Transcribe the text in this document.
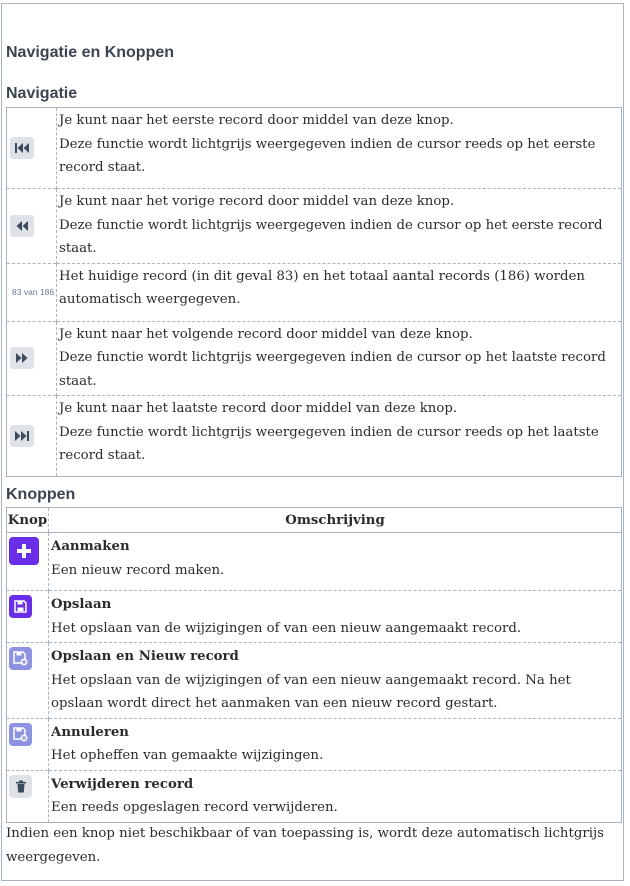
Navigatie en Knoppen
Navigatie

Je kunt naar het eerste record door middel van deze knop.
Deze functie wordt lichtgrijs weergegeven indien de cursor reeds op het eerste record staat.

Je kunt naar het vorige record door middel van deze knop.
Deze functie wordt lichtgrijs weergegeven indien de cursor op het eerste record staat.

83 van 186	Het huidige record (in dit geval 83) en het totaal aantal records (186) worden automatisch weergegeven.

Je kunt naar het volgende record door middel van deze knop.
Deze functie wordt lichtgrijs weergegeven indien de cursor op het laatste record staat.

Je kunt naar het laatste record door middel van deze knop.
Deze functie wordt lichtgrijs weergegeven indien de cursor reeds op het laatste record staat.
Knoppen
Knop	Omschrijving

Aanmaken
Een nieuw record maken.

Opslaan
Het opslaan van de wijzigingen of van een nieuw aangemaakt record.

Opslaan en Nieuw record
Het opslaan van de wijzigingen of van een nieuw aangemaakt record. Na het opslaan wordt direct het aanmaken van een nieuw record gestart.

Annuleren
Het opheffen van gemaakte wijzigingen.

Verwijderen record
Een reeds opgeslagen record verwijderen.
Indien een knop niet beschikbaar of van toepassing is, wordt deze automatisch lichtgrijs weergegeven.
